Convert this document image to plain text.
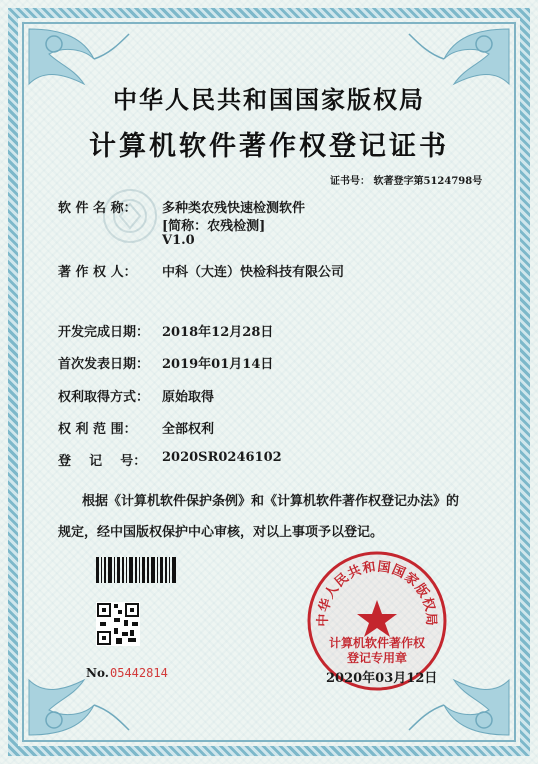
中华人民共和国国家版权局
计算机软件著作权登记证书
证书号： 软著登字第5124798号
软 件 名 称：	多种类农残快速检测软件
[简称：农残检测]
V1.0
著 作 权 人：	中科（大连）快检科技有限公司
开发完成日期： 2018年12月28日
首次发表日期： 2019年01月14日
权利取得方式： 原始取得
权 利 范 围：	全部权利
登    记    号： 2020SR0246102
根据《计算机软件保护条例》和《计算机软件著作权登记办法》的
规定，经中国版权保护中心审核，对以上事项予以登记。
No. 05442814
中华人民共和国国家版权局
计算机软件著作权
登记专用章
2020年03月12日
